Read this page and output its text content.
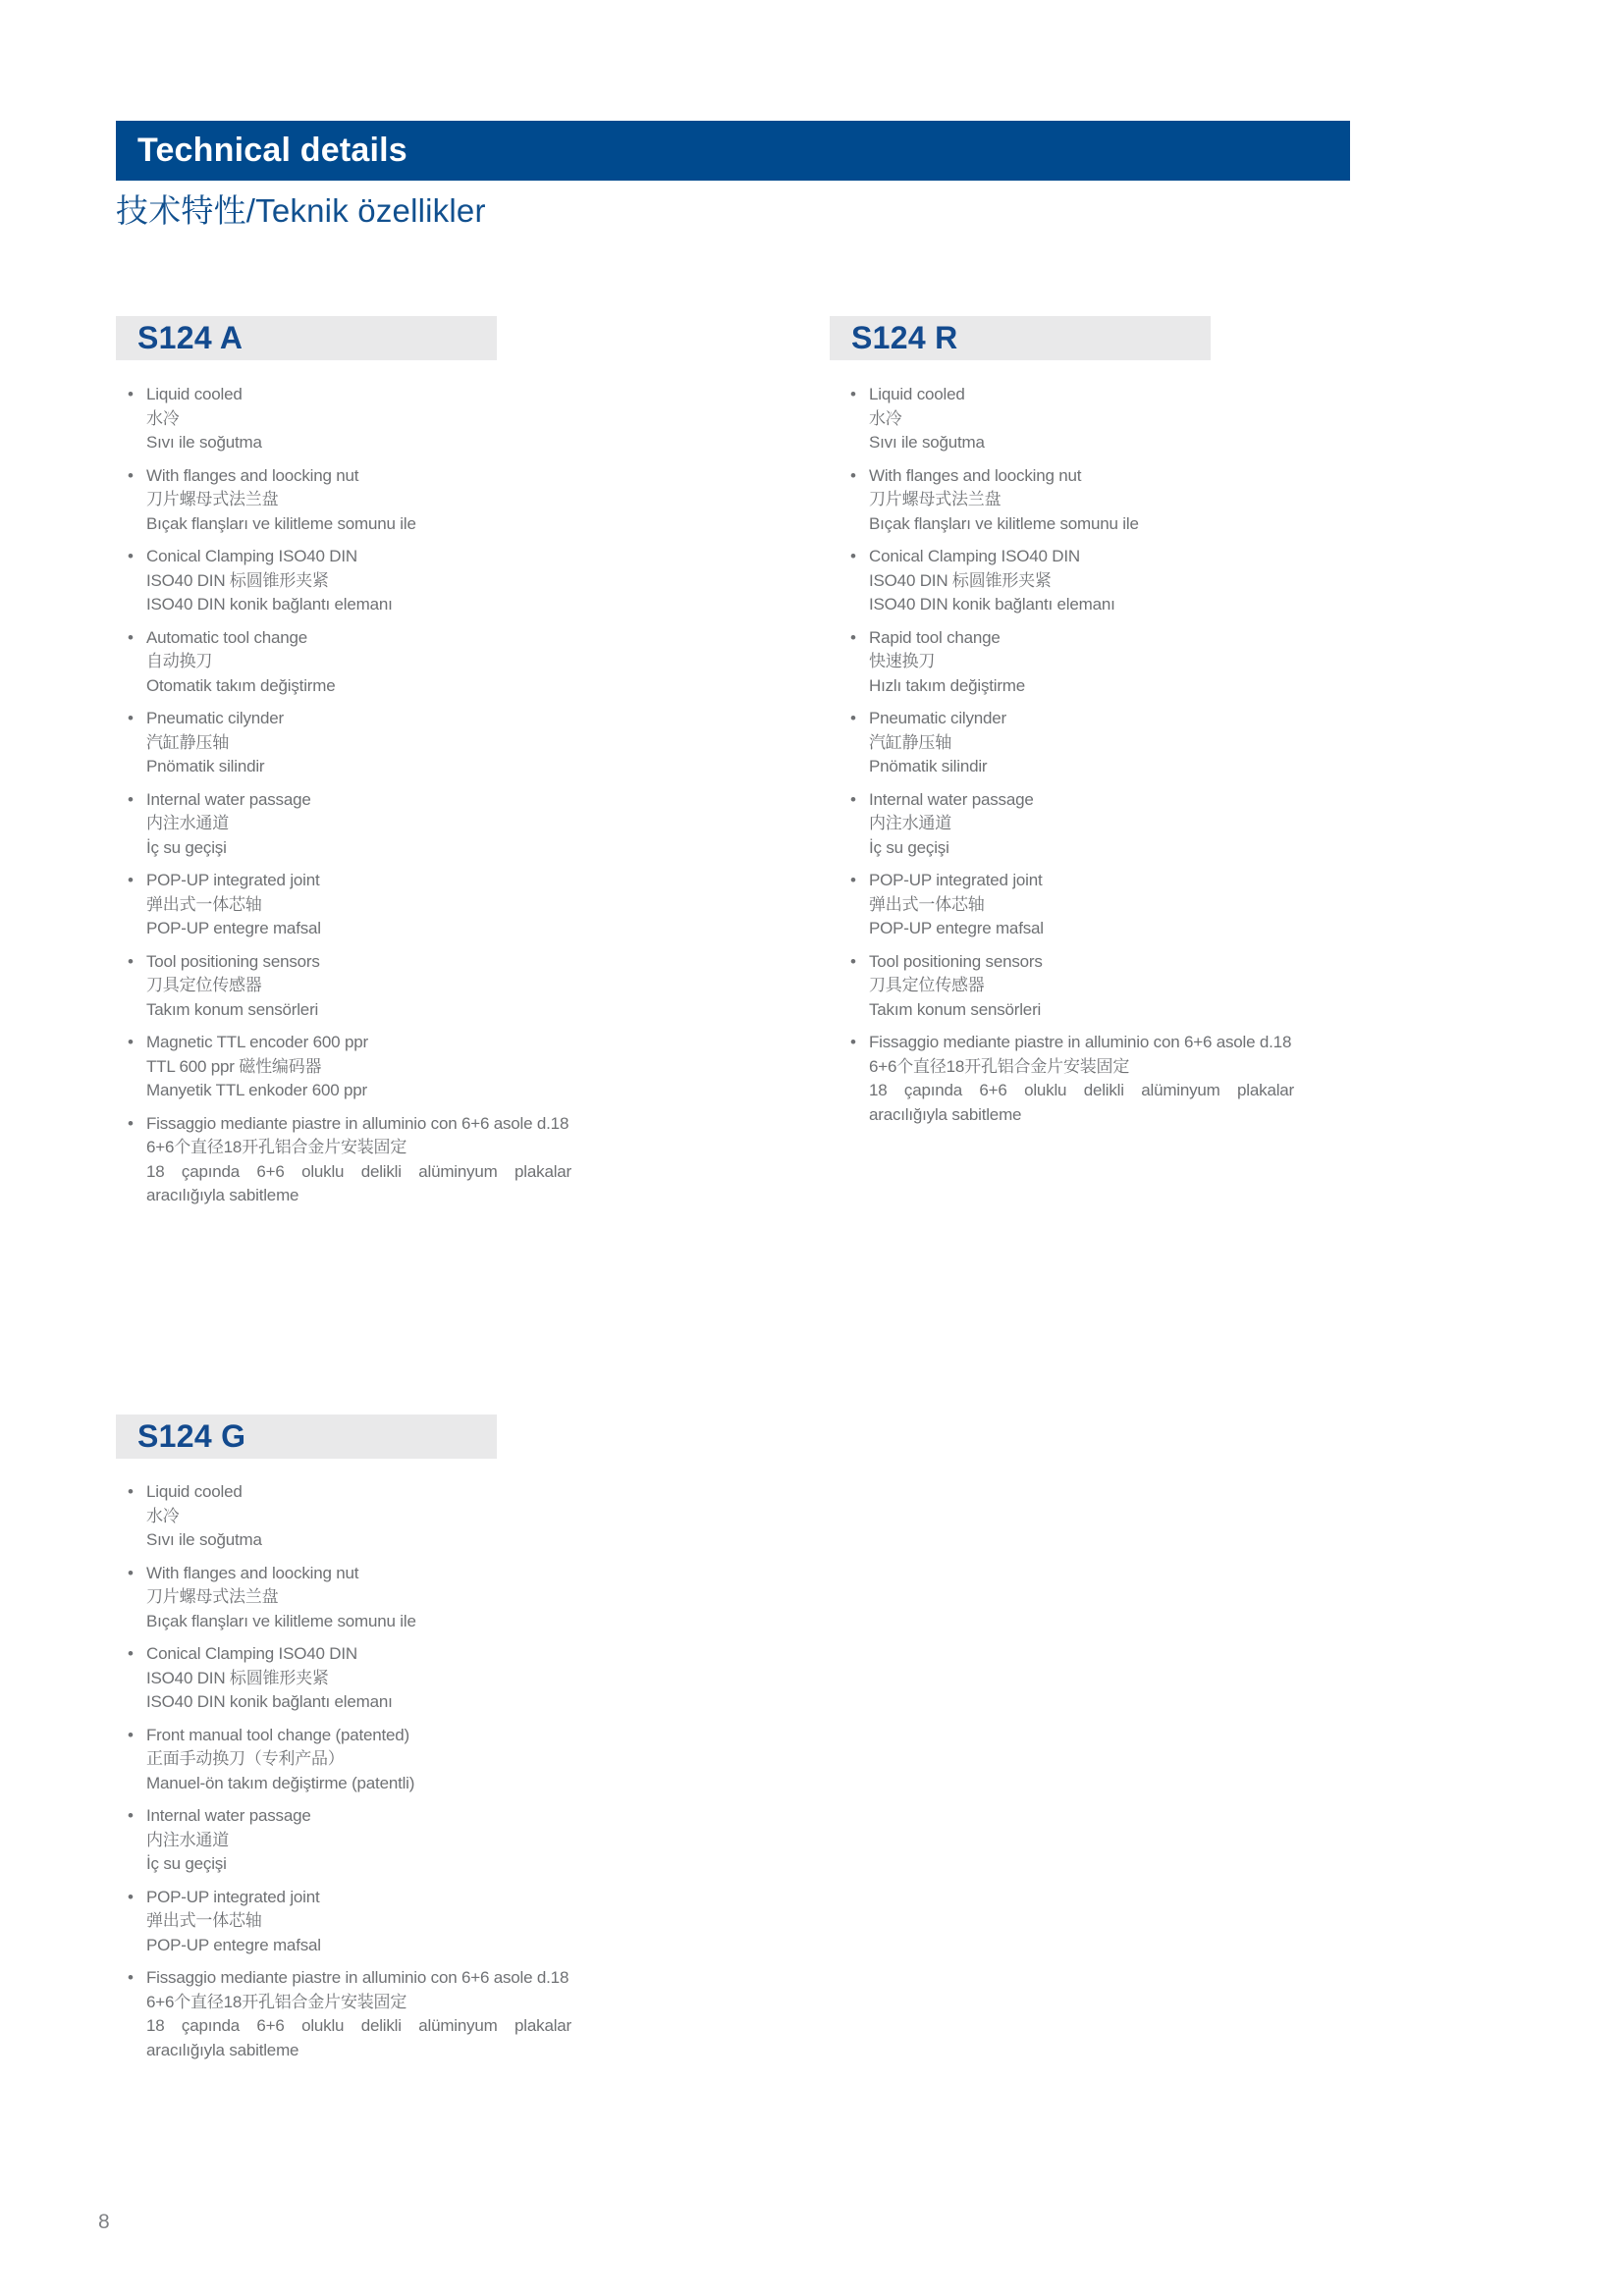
Technical details
技术特性/Teknik özellikler
S124 A
• Liquid cooled
水冷
Sıvı ile soğutma
• With flanges and loocking nut
刀片螺母式法兰盘
Bıçak flanşları ve kilitleme somunu ile
• Conical Clamping ISO40 DIN
ISO40 DIN 标圆锥形夹紧
ISO40 DIN konik bağlantı elemanı
• Automatic tool change
自动换刀
Otomatik takım değiştirme
• Pneumatic cilynder
汽缸静压轴
Pnömatik silindir
• Internal water passage
内注水通道
İç su geçişi
• POP-UP integrated joint
弹出式一体芯轴
POP-UP entegre mafsal
• Tool positioning sensors
刀具定位传感器
Takım konum sensörleri
• Magnetic TTL encoder 600 ppr
TTL 600 ppr 磁性编码器
Manyetik TTL enkoder 600 ppr
• Fissaggio mediante piastre in alluminio con 6+6 asole d.18
6+6个直径18开孔铝合金片安装固定
18 çapında 6+6 oluklu delikli alüminyum plakalar aracılığıyla sabitleme
S124 R
• Liquid cooled
水冷
Sıvı ile soğutma
• With flanges and loocking nut
刀片螺母式法兰盘
Bıçak flanşları ve kilitleme somunu ile
• Conical Clamping ISO40 DIN
ISO40 DIN 标圆锥形夹紧
ISO40 DIN konik bağlantı elemanı
• Rapid tool change
快速换刀
Hızlı takım değiştirme
• Pneumatic cilynder
汽缸静压轴
Pnömatik silindir
• Internal water passage
内注水通道
İç su geçişi
• POP-UP integrated joint
弹出式一体芯轴
POP-UP entegre mafsal
• Tool positioning sensors
刀具定位传感器
Takım konum sensörleri
• Fissaggio mediante piastre in alluminio con 6+6 asole d.18
6+6个直径18开孔铝合金片安装固定
18 çapında 6+6 oluklu delikli alüminyum plakalar aracılığıyla sabitleme
S124 G
• Liquid cooled
水冷
Sıvı ile soğutma
• With flanges and loocking nut
刀片螺母式法兰盘
Bıçak flanşları ve kilitleme somunu ile
• Conical Clamping ISO40 DIN
ISO40 DIN 标圆锥形夹紧
ISO40 DIN konik bağlantı elemanı
• Front manual tool change (patented)
正面手动换刀（专利产品）
Manuel-ön takım değiştirme (patentli)
• Internal water passage
内注水通道
İç su geçişi
• POP-UP integrated joint
弹出式一体芯轴
POP-UP entegre mafsal
• Fissaggio mediante piastre in alluminio con 6+6 asole d.18
6+6个直径18开孔铝合金片安装固定
18 çapında 6+6 oluklu delikli alüminyum plakalar aracılığıyla sabitleme
8
